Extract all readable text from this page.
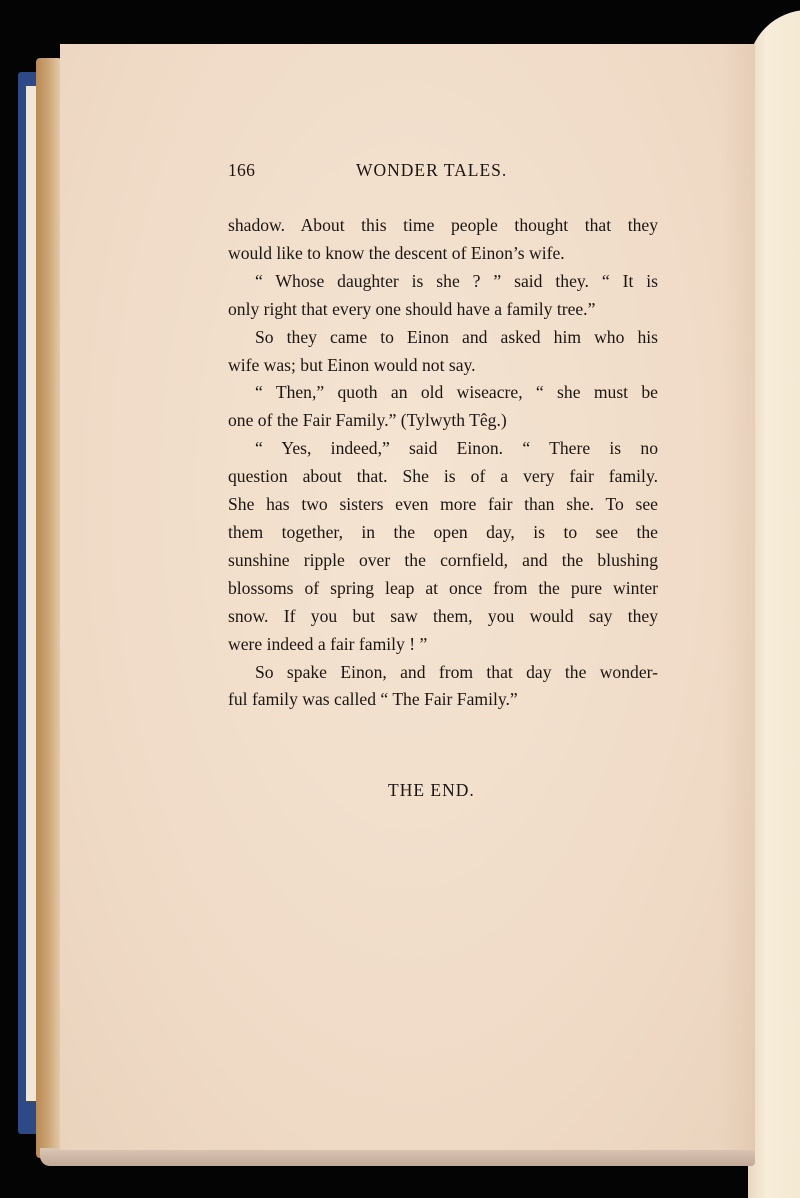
166	WONDER TALES.
shadow. About this time people thought that they
would like to know the descent of Einon’s wife.
“ Whose daughter is she ? ” said they. “ It is
only right that every one should have a family tree.”
So they came to Einon and asked him who his
wife was; but Einon would not say.
“ Then,” quoth an old wiseacre, “ she must be
one of the Fair Family.” (Tylwyth Têg.)
“ Yes, indeed,” said Einon. “ There is no
question about that. She is of a very fair family.
She has two sisters even more fair than she. To see
them together, in the open day, is to see the
sunshine ripple over the cornfield, and the blushing
blossoms of spring leap at once from the pure winter
snow. If you but saw them, you would say they
were indeed a fair family ! ”
So spake Einon, and from that day the wonder-
ful family was called “ The Fair Family.”
THE END.
